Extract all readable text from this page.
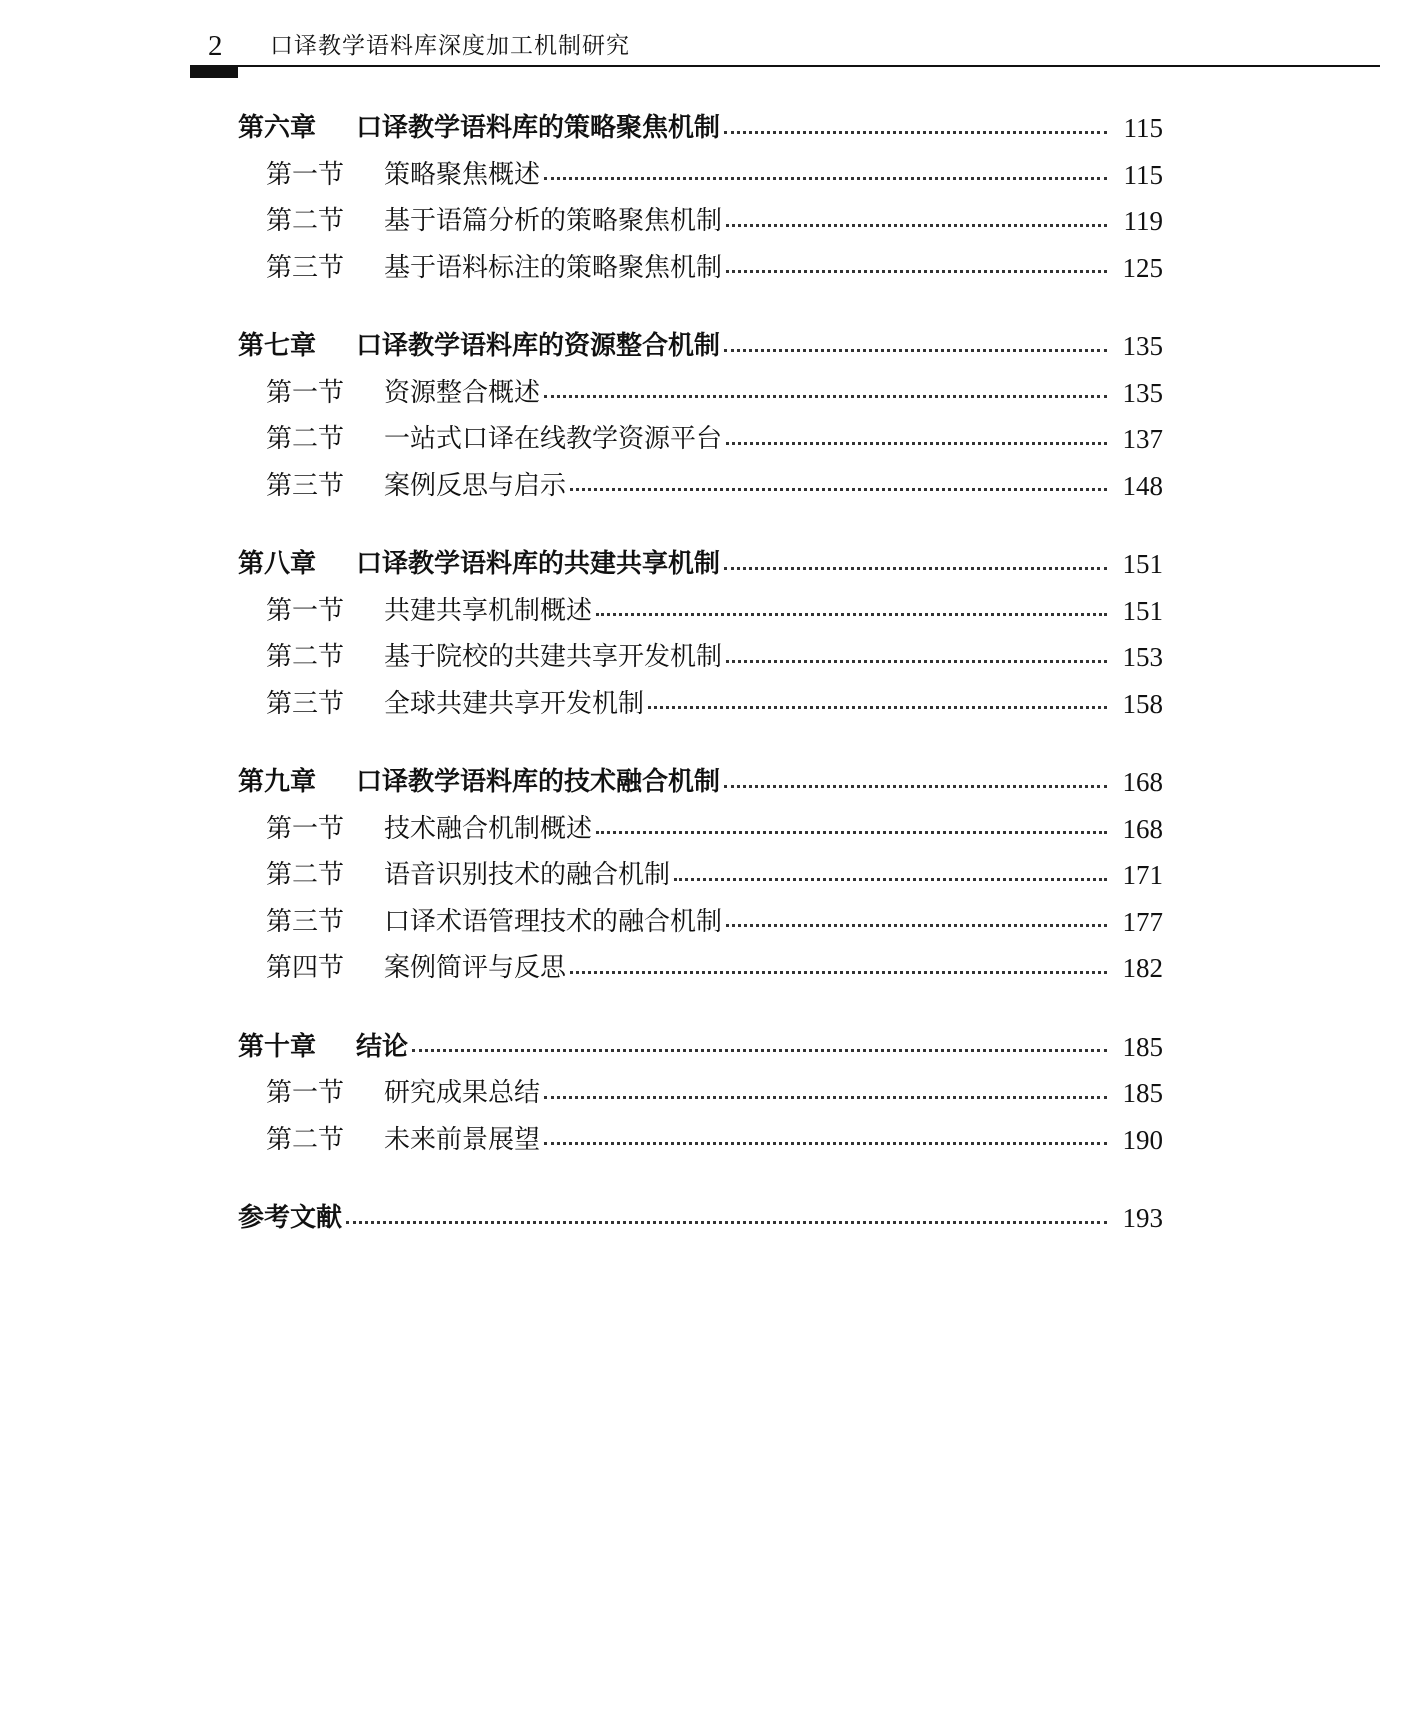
2 口译教学语料库深度加工机制研究
第六章	口译教学语料库的策略聚焦机制	115
第一节	策略聚焦概述	115
第二节	基于语篇分析的策略聚焦机制	119
第三节	基于语料标注的策略聚焦机制	125
第七章	口译教学语料库的资源整合机制	135
第一节	资源整合概述	135
第二节	一站式口译在线教学资源平台	137
第三节	案例反思与启示	148
第八章	口译教学语料库的共建共享机制	151
第一节	共建共享机制概述	151
第二节	基于院校的共建共享开发机制	153
第三节	全球共建共享开发机制	158
第九章	口译教学语料库的技术融合机制	168
第一节	技术融合机制概述	168
第二节	语音识别技术的融合机制	171
第三节	口译术语管理技术的融合机制	177
第四节	案例简评与反思	182
第十章	结论	185
第一节	研究成果总结	185
第二节	未来前景展望	190
参考文献	193
